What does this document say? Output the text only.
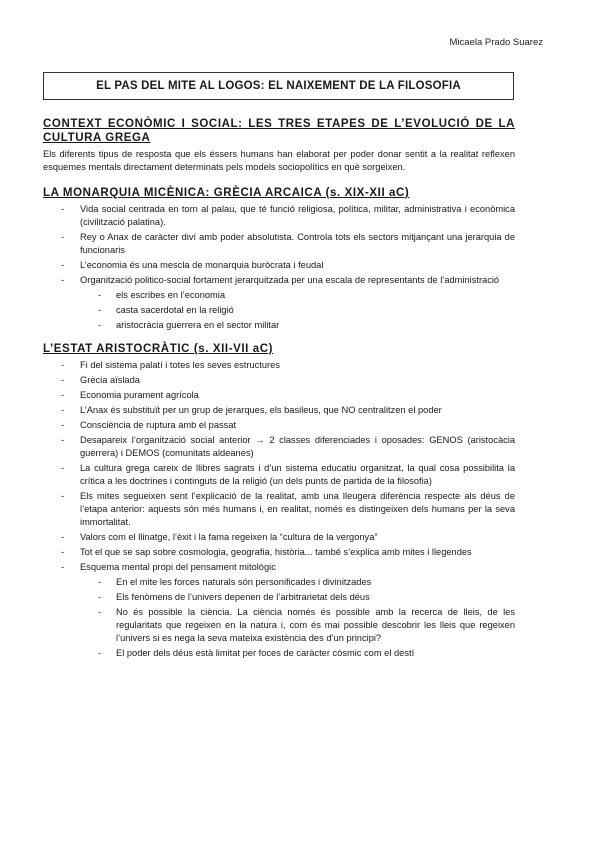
Micaela Prado Suarez
EL PAS DEL MITE AL LOGOS: EL NAIXEMENT DE LA FILOSOFIA
CONTEXT ECONÒMIC I SOCIAL: LES TRES ETAPES DE L’EVOLUCIÓ DE LA CULTURA GREGA

Els diferents tipus de resposta que els éssers humans han elaborat per poder donar sentit a la realitat reflexen esquemes mentals directament determinats pels models sociopolítics en què sorgeixen.

LA MONARQUIA MICÈNICA: GRÈCIA ARCAICA (s. XIX-XII aC)
- Vida social centrada en torn al palau, que té funció religiosa, política, militar, administrativa i econòmica (civilització palatina).
- Rey o Anax de caràcter diví amb poder absolutista. Controla tots els sectors mitjançant una jerarquia de funcionaris
- L’economia és una mescla de monarquia buròcrata i feudal
- Organització politico-social fortament jerarquitzada per una escala de representants de l’administració
- els escribes en l’economia
- casta sacerdotal en la religió
- aristocràcia guerrera en el sector militar
L’ESTAT ARISTOCRÀTIC (s. XII-VII aC)
- Fi del sistema palatí i totes les seves estructures
- Grècia aïslada
- Economia purament agrícola
- L’Anax és substituït per un grup de jerarques, els basileus, que NO centralitzen el poder
- Consciència de ruptura amb el passat
- Desapareix l’organització social anterior → 2 classes diferenciades i oposades: GENOS (aristocàcia guerrera) i DEMOS (comunitats aldeanes)
- La cultura grega careix de llibres sagrats i d’un sistema educatiu organitzat, la qual cosa possibilita la crítica a les doctrines i continguts de la religió (un dels punts de partida de la filosofia)
- Els mites segueixen sent l’explicació de la realitat, amb una lleugera diferència respecte als déus de l’etapa anterior: aquests són més humans i, en realitat, només es distingeixen dels humans per la seva immortalitat.
- Valors com el llinatge, l’èxit i la fama regeixen la “cultura de la vergonya”
- Tot el que se sap sobre cosmologia, geografia, història... també s’explica amb mites i llegendes
- Esquema mental propi del pensament mitològic
- En el mite les forces naturals són personificades i divinitzades
- Els fenòmens de l’univers depenen de l’arbitrarietat dels déus
- No és possible la ciència. La ciència només és possible amb la recerca de lleis, de les regularitats que regeixen en la natura i, com és mai possible descobrir les lleis que regeixen l’univers si es nega la seva mateixa existència des d’un principi?
- El poder dels déus està limitat per foces de caràcter còsmic com el destí
